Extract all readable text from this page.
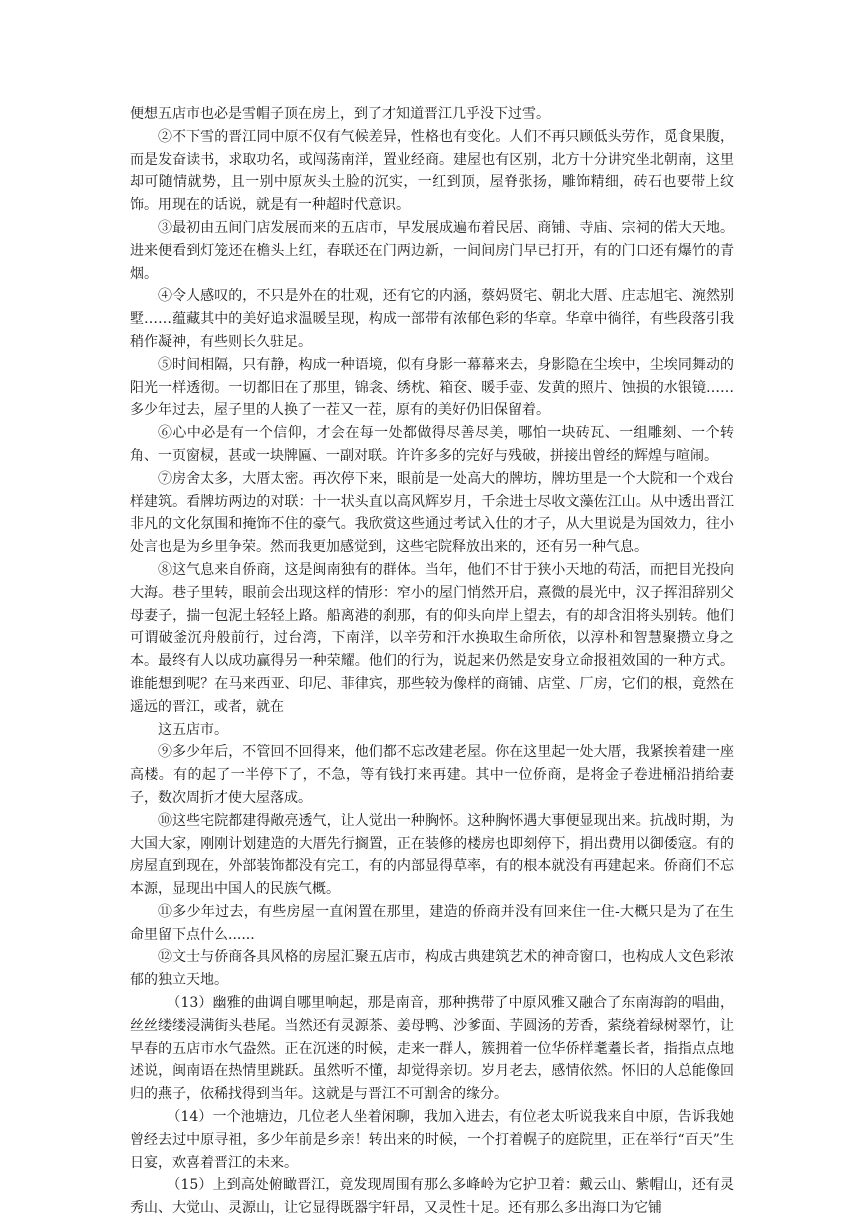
便想五店市也必是雪帽子顶在房上，到了才知道晋江几乎没下过雪。

②不下雪的晋江同中原不仅有气候差异，性格也有变化。人们不再只顾低头劳作，觅食果腹，而是发奋读书，求取功名，或闯荡南洋，置业经商。建屋也有区别，北方十分讲究坐北朝南，这里却可随情就势，且一别中原灰头土脸的沉实，一红到顶，屋脊张扬，雕饰精细，砖石也要带上纹饰。用现在的话说，就是有一种超时代意识。

③最初由五间门店发展而来的五店市，早发展成遍布着民居、商铺、寺庙、宗祠的偌大天地。进来便看到灯笼还在檐头上红，春联还在门两边新，一间间房门早已打开，有的门口还有爆竹的青烟。

④令人感叹的，不只是外在的壮观，还有它的内涵，蔡妈贤宅、朝北大厝、庄志旭宅、涴然别墅……蕴藏其中的美好追求温暖呈现，构成一部带有浓郁色彩的华章。华章中徜徉，有些段落引我稍作凝神，有些则长久驻足。

⑤时间相隔，只有静，构成一种语境，似有身影一幕幕来去，身影隐在尘埃中，尘埃同舞动的阳光一样透彻。一切都旧在了那里，锦衾、绣枕、箱奁、暖手壶、发黄的照片、蚀损的水银镜……多少年过去，屋子里的人换了一茬又一茬，原有的美好仍旧保留着。

⑥心中必是有一个信仰，才会在每一处都做得尽善尽美，哪怕一块砖瓦、一组雕刻、一个转角、一页窗棂，甚或一块牌匾、一副对联。许许多多的完好与残破，拼接出曾经的辉煌与喧闹。

⑦房舍太多，大厝太密。再次停下来，眼前是一处高大的牌坊，牌坊里是一个大院和一个戏台样建筑。看牌坊两边的对联：十一状头直以高风辉岁月，千余进士尽收文藻佐江山。从中透出晋江非凡的文化氛围和掩饰不住的豪气。我欣赏这些通过考试入仕的才子，从大里说是为国效力，往小处言也是为乡里争荣。然而我更加感觉到，这些宅院释放出来的，还有另一种气息。

⑧这气息来自侨商，这是闽南独有的群体。当年，他们不甘于狭小天地的苟活，而把目光投向大海。巷子里转，眼前会出现这样的情形：窄小的屋门悄然开启，熹微的晨光中，汉子挥泪辞别父母妻子，揣一包泥土轻轻上路。船离港的刹那，有的仰头向岸上望去，有的却含泪将头别转。他们可谓破釜沉舟般前行，过台湾，下南洋，以辛劳和汗水换取生命所依，以淳朴和智慧聚攒立身之本。最终有人以成功赢得另一种荣耀。他们的行为，说起来仍然是安身立命报祖效国的一种方式。谁能想到呢？在马来西亚、印尼、菲律宾，那些较为像样的商铺、店堂、厂房，它们的根，竟然在遥远的晋江，或者，就在

这五店市。

⑨多少年后，不管回不回得来，他们都不忘改建老屋。你在这里起一处大厝，我紧挨着建一座高楼。有的起了一半停下了，不急，等有钱打来再建。其中一位侨商，是将金子卷进桶沿捎给妻子，数次周折才使大屋落成。

⑩这些宅院都建得敞亮透气，让人觉出一种胸怀。这种胸怀遇大事便显现出来。抗战时期，为大国大家，刚刚计划建造的大厝先行搁置，正在装修的楼房也即刻停下，捐出费用以御倭寇。有的房屋直到现在，外部装饰都没有完工，有的内部显得草率，有的根本就没有再建起来。侨商们不忘本源，显现出中国人的民族气概。

⑪多少年过去，有些房屋一直闲置在那里，建造的侨商并没有回来住一住-大概只是为了在生命里留下点什么......

⑫文士与侨商各具风格的房屋汇聚五店市，构成古典建筑艺术的神奇窗口，也构成人文色彩浓郁的独立天地。

（13）幽雅的曲调自哪里响起，那是南音，那种携带了中原风雅又融合了东南海韵的唱曲，丝丝缕缕浸满街头巷尾。当然还有灵源茶、姜母鸭、沙爹面、芋圆汤的芳香，萦绕着绿树翠竹，让早春的五店市水气盎然。正在沉迷的时候，走来一群人，簇拥着一位华侨样耄耋长者，指指点点地述说，闽南语在热情里跳跃。虽然听不懂，却觉得亲切。岁月老去，感情依然。怀旧的人总能像回归的燕子，依稀找得到当年。这就是与晋江不可割舍的缘分。

（14）一个池塘边，几位老人坐着闲聊，我加入进去，有位老太听说我来自中原，告诉我她曾经去过中原寻祖，多少年前是乡亲！转出来的时候，一个打着幌子的庭院里，正在举行“百天”生日宴，欢喜着晋江的未来。

（15）上到高处俯瞰晋江，竟发现周围有那么多峰岭为它护卫着：戴云山、紫帽山，还有灵秀山、大觉山、灵源山，让它显得既器宇轩昂，又灵性十足。还有那么多出海口为它铺
